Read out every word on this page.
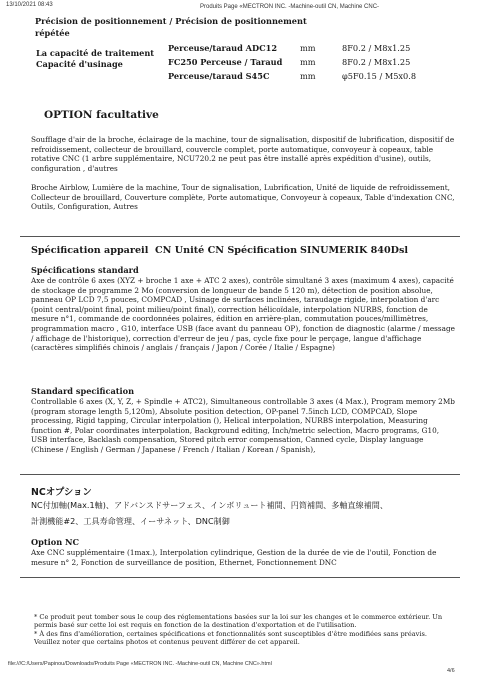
13/10/2021 08:43	Produits Page «MECTRON INC. -Machine-outil CN, Machine CNC-
Précision de positionnement / Précision de positionnement
répétée
La capacité de traitement
Capacité d'usinage
Perceuse/taraud ADC12	mm	8F0.2 / M8x1.25
FC250 Perceuse / Taraud mm	8F0.2 / M8x1.25
Perceuse/taraud S45C	mm	φ5F0.15 / M5x0.8
OPTION facultative
Soufflage d'air de la broche, éclairage de la machine, tour de signalisation, dispositif de lubrification, dispositif de refroidissement, collecteur de brouillard, couvercle complet, porte automatique, convoyeur à copeaux, table rotative CNC (1 arbre supplémentaire, NCU720.2 ne peut pas être installé après expédition d'usine), outils, configuration , d'autres
Broche Airblow, Lumière de la machine, Tour de signalisation, Lubrification, Unité de liquide de refroidissement, Collecteur de brouillard, Couverture complète, Porte automatique, Convoyeur à copeaux, Table d'indexation CNC, Outils, Configuration, Autres
Spécification appareil CN Unité CN Spécification SINUMERIK 840Dsl
Spécifications standard
Axe de contrôle 6 axes (XYZ + broche 1 axe + ATC 2 axes), contrôle simultané 3 axes (maximum 4 axes), capacité de stockage de programme 2 Mo (conversion de longueur de bande 5 120 m), détection de position absolue, panneau OP LCD 7,5 pouces, COMPCAD , Usinage de surfaces inclinées, taraudage rigide, interpolation d'arc (point central/point final, point milieu/point final), correction hélicoïdale, interpolation NURBS, fonction de mesure n°1, commande de coordonnées polaires, édition en arrière-plan, commutation pouces/millimètres, programmation macro , G10, interface USB (face avant du panneau OP), fonction de diagnostic (alarme / message / affichage de l'historique), correction d'erreur de jeu / pas, cycle fixe pour le perçage, langue d'affichage (caractères simplifiés chinois / anglais / français / Japon / Corée / Italie / Espagne)
Standard specification
Controllable 6 axes (X, Y, Z, + Spindle + ATC2), Simultaneous controllable 3 axes (4 Max.), Program memory 2Mb (program storage length 5,120m), Absolute position detection, OP-panel 7.5inch LCD, COMPCAD, Slope processing, Rigid tapping, Circular interpolation (), Helical interpolation, NURBS interpolation, Measuring function #, Polar coordinates interpolation, Background editing, Inch/metric selection, Macro programs, G10, USB interface, Backlash compensation, Stored pitch error compensation, Canned cycle, Display language (Chinese / English / German / Japanese / French / Italian / Korean / Spanish),
NCオプション
NC付加軸(Max.1軸)、アドバンスドサーフェス、インボリュート補間、円筒補間、多軸直線補間、
計測機能#2、工具寿命管理、イーサネット、DNC制御
Option NC
Axe CNC supplémentaire (1max.), Interpolation cylindrique, Gestion de la durée de vie de l'outil, Fonction de mesure n° 2, Fonction de surveillance de position, Ethernet, Fonctionnement DNC
* Ce produit peut tomber sous le coup des réglementations basées sur la loi sur les changes et le commerce extérieur. Un permis basé sur cette loi est requis en fonction de la destination d'exportation et de l'utilisation.
* À des fins d'amélioration, certaines spécifications et fonctionnalités sont susceptibles d'être modifiées sans préavis. Veuillez noter que certains photos et contenus peuvent différer de cet appareil.
file:///C:/Users/Papinou/Downloads/Produits Page «MECTRON INC. -Machine-outil CN, Machine CNC».html
4/6
